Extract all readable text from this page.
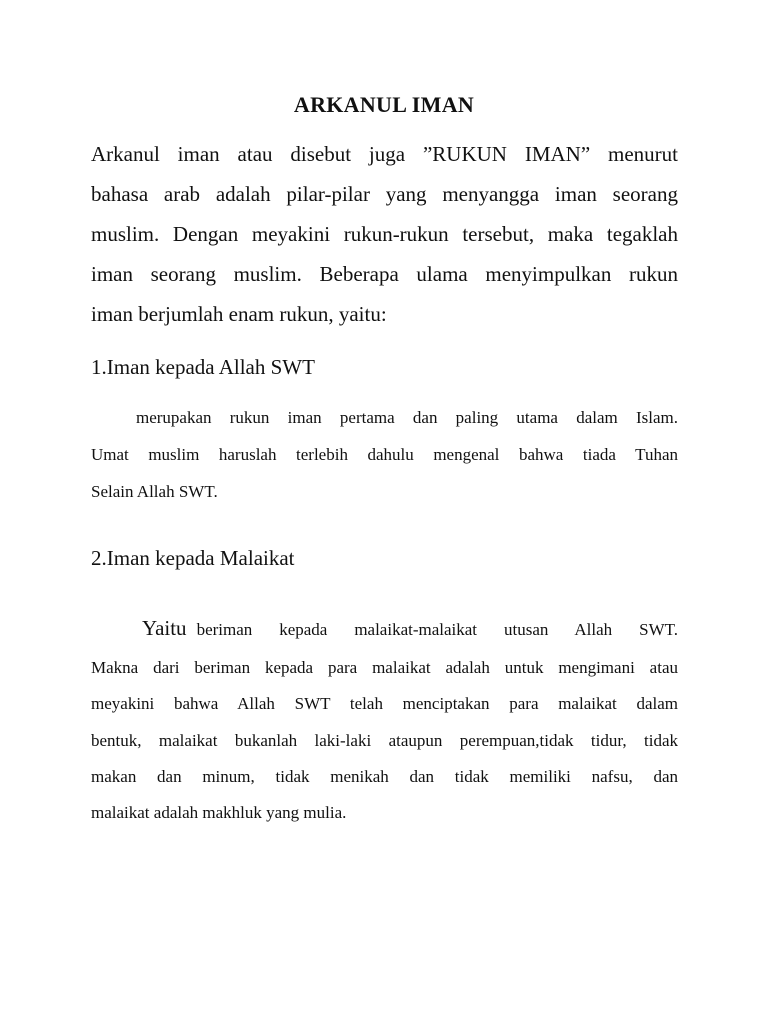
ARKANUL IMAN
Arkanul iman atau disebut juga ”RUKUN IMAN” menurut
bahasa arab adalah pilar-pilar yang menyangga iman seorang
muslim. Dengan meyakini rukun-rukun tersebut, maka tegaklah
iman seorang muslim. Beberapa ulama menyimpulkan rukun
iman berjumlah enam rukun, yaitu:
1.Iman kepada Allah SWT
merupakan rukun iman pertama dan paling utama dalam Islam.
Umat muslim haruslah terlebih dahulu mengenal bahwa tiada Tuhan
Selain Allah SWT.
2.Iman kepada Malaikat
Yaitu beriman kepada malaikat-malaikat utusan Allah SWT.
Makna dari beriman kepada para malaikat adalah untuk mengimani atau
meyakini bahwa Allah SWT telah menciptakan para malaikat dalam
bentuk, malaikat bukanlah laki-laki ataupun perempuan,tidak tidur, tidak
makan dan minum, tidak menikah dan tidak memiliki nafsu, dan
malaikat adalah makhluk yang mulia.
